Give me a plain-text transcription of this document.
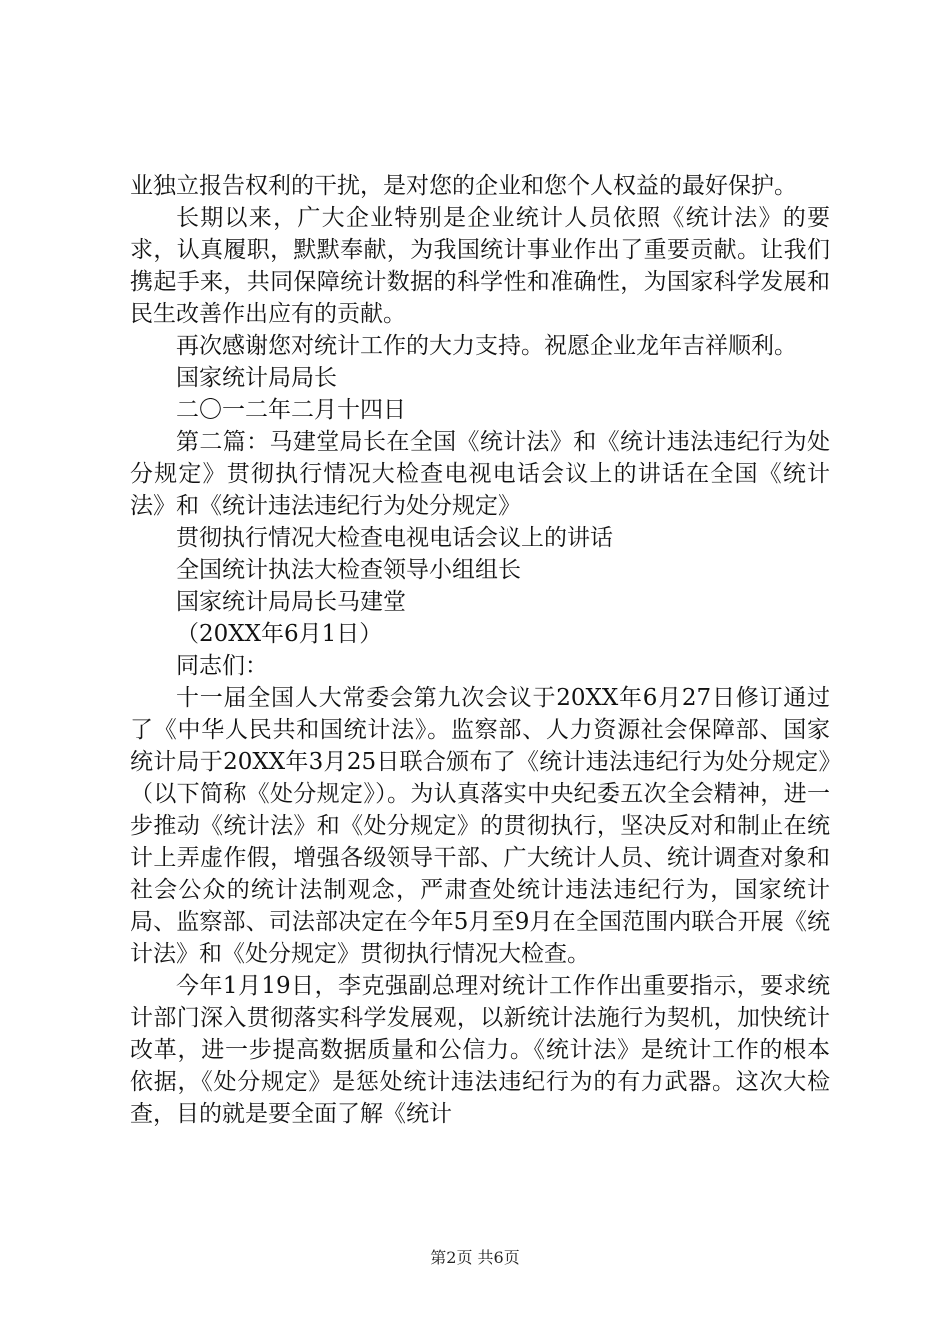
业独立报告权利的干扰，是对您的企业和您个人权益的最好保护。

长期以来，广大企业特别是企业统计人员依照《统计法》的要求，认真履职，默默奉献，为我国统计事业作出了重要贡献。让我们携起手来，共同保障统计数据的科学性和准确性，为国家科学发展和民生改善作出应有的贡献。

再次感谢您对统计工作的大力支持。祝愿企业龙年吉祥顺利。

国家统计局局长

二〇一二年二月十四日

第二篇：马建堂局长在全国《统计法》和《统计违法违纪行为处分规定》贯彻执行情况大检查电视电话会议上的讲话在全国《统计法》和《统计违法违纪行为处分规定》

贯彻执行情况大检查电视电话会议上的讲话

全国统计执法大检查领导小组组长

国家统计局局长马建堂

（20XX年6月1日）

同志们：

十一届全国人大常委会第九次会议于20XX年6月27日修订通过了《中华人民共和国统计法》。监察部、人力资源社会保障部、国家统计局于20XX年3月25日联合颁布了《统计违法违纪行为处分规定》（以下简称《处分规定》）。为认真落实中央纪委五次全会精神，进一步推动《统计法》和《处分规定》的贯彻执行，坚决反对和制止在统计上弄虚作假，增强各级领导干部、广大统计人员、统计调查对象和社会公众的统计法制观念，严肃查处统计违法违纪行为，国家统计局、监察部、司法部决定在今年5月至9月在全国范围内联合开展《统计法》和《处分规定》贯彻执行情况大检查。

今年1月19日，李克强副总理对统计工作作出重要指示，要求统计部门深入贯彻落实科学发展观，以新统计法施行为契机，加快统计改革，进一步提高数据质量和公信力。《统计法》是统计工作的根本依据，《处分规定》是惩处统计违法违纪行为的有力武器。这次大检查，目的就是要全面了解《统计

第2页 共6页
